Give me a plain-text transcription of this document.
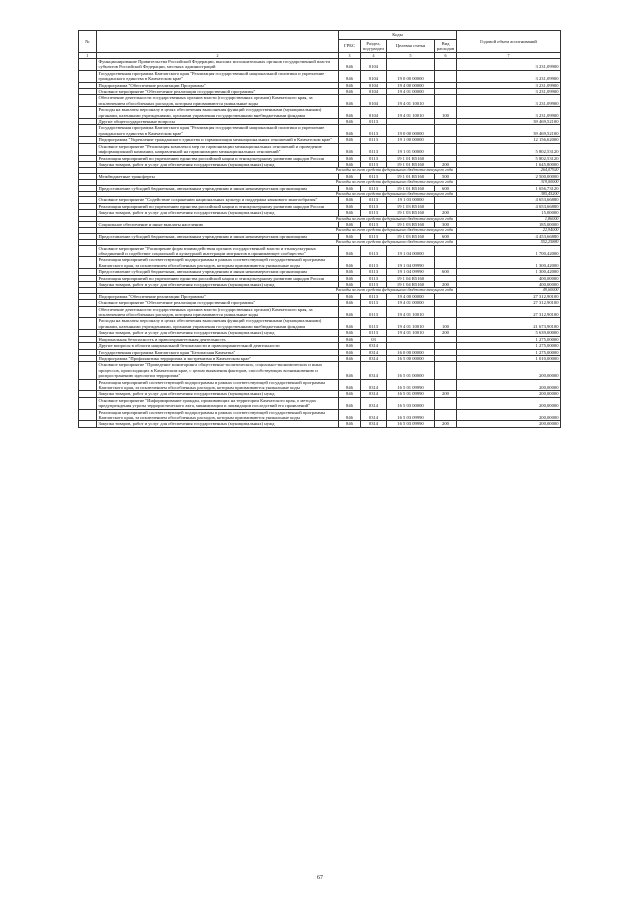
№		Коды				Годовой объем ассигнований
		ГРБС	Раздел, под-раздел	Целевая статья	Вид расходов	
1	2	3	4	5	6	7
	Функционирование Правительства Российской Федерации, высших исполнительных органов государственной власти субъектов Российской Федерации, местных администраций	846	0104			3 231,09900
	Государственная программа Камчатского края "Реализация государственной национальной политики и укрепление гражданского единства в Камчатском крае"	846	0104	19 0 00 00000		3 231,09900
	Подпрограмма "Обеспечение реализации Программы"	846	0104	19 4 00 00000		3 231,09900
	Основное мероприятие "Обеспечение реализации государственной программы"	846	0104	19 4 01 00000		3 231,09900
	Обеспечение деятельности государственных органов власти (государственных органов) Камчатского края, за исключением обособленных расходов, которым присваиваются уникальные коды	846	0104	19 4 01 10010		3 231,09900
	Расходы на выплаты персоналу в целях обеспечения выполнения функций государственными (муниципальными) органами, казенными учреждениями, органами управления государственными внебюджетными фондами	846	0104	19 4 01 10010	100	3 231,09900
	Другие общегосударственные вопросы	846	0113			39 469,52100
	Государственная программа Камчатского края "Реализация государственной национальной политики и укрепление гражданского единства в Камчатском крае"	846	0113	19 0 00 00000		39 469,52100
	Подпрограмма "Укрепление гражданского единства и гармонизация межнациональных отношений в Камчатском крае"	846	0113	19 1 00 00000		12 156,62000
	Основное мероприятие "Реализация комплекса мер по гармонизации межнациональных отношений и проведение информационной кампании, направленной на гармонизацию межнациональных отношений"	846	0113	19 1 01 00000		5 802,53120
	Реализация мероприятий по укреплению единства российской нации и этнокультурному развитию народов России	846	0113	19 1 01 R5160		5 802,53120
	Закупка товаров, работ и услуг для обеспечения государственных (муниципальных) нужд	846	0113	19 1 01 R5160	200	1 645,80000
	Расходы за счет средств федерального бюджета текущего года					264,07920
	Межбюджетные трансферты	846	0113	19 1 01 R5160	500	2 500,00000
	Расходы за счет средств федерального бюджета текущего года					319,00000
	Предоставление субсидий бюджетным, автономным учреждениям и иным некоммерческим организациям	846	0113	19 1 01 R5160	600	1 656,73120
	Расходы за счет средств федерального бюджета текущего года					385,45200
	Основное мероприятие "Содействие сохранению национальных культур и поддержка языкового многообразия"	846	0113	19 1 03 00000		4 653,66880
	Реализация мероприятий по укреплению единства российской нации и этнокультурному развитию народов России	846	0113	19 1 03 R5160		4 653,66880
	Закупка товаров, работ и услуг для обеспечения государственных (муниципальных) нужд	846	0113	19 1 03 R5160	200	15,00000
	Расходы за счет средств федерального бюджета текущего года					1,86000
	Социальное обеспечение и иные выплаты населению	846	0113	19 1 03 R5160	300	185,00000
	Расходы за счет средств федерального бюджета текущего года					22,94000
	Предоставление субсидий бюджетным, автономным учреждениям и иным некоммерческим организациям	846	0113	19 1 03 R5160	600	4 453,66880
	Расходы за счет средств федерального бюджета текущего года					552,25880
	Основное мероприятие "Расширение форм взаимодействия органов государственной власти и этнокультурных объединений и содействие социальной и культурной интеграции мигрантов в принимающее сообщество"	846	0113	19 1 04 00000		1 700,42000
	Реализация мероприятий соответствующей подпрограммы в рамках соответствующей государственной программы Камчатского края, за исключением обособленных расходов, которым присваиваются уникальные коды	846	0113	19 1 04 09990		1 300,42000
	Предоставление субсидий бюджетным, автономным учреждениям и иным некоммерческим организациям	846	0113	19 1 04 09990	600	1 300,42000
	Реализация мероприятий по укреплению единства российской нации и этнокультурному развитию народов России	846	0113	19 1 04 R5160		400,00000
	Закупка товаров, работ и услуг для обеспечения государственных (муниципальных) нужд	846	0113	19 1 04 R5160	200	400,00000
	Расходы за счет средств федерального бюджета текущего года					49,60000
	Подпрограмма "Обеспечение реализации Программы"	846	0113	19 4 00 00000		27 312,90100
	Основное мероприятие "Обеспечение реализации государственной программы"	846	0113	19 4 01 00000		27 312,90100
	Обеспечение деятельности государственных органов власти (государственных органов) Камчатского края, за исключением обособленных расходов, которым присваиваются уникальные коды	846	0113	19 4 01 10010		27 312,90100
	Расходы на выплаты персоналу в целях обеспечения выполнения функций государственными (муниципальными) органами, казенными учреждениями, органами управления государственными внебюджетными фондами	846	0113	19 4 01 10010	100	21 673,90100
	Закупка товаров, работ и услуг для обеспечения государственных (муниципальных) нужд	846	0113	19 4 01 10010	200	5 639,00000
	Национальная безопасность и правоохранительная деятельность	846	03			1 275,00000
	Другие вопросы в области национальной безопасности и правоохранительной деятельности	846	0314			1 275,00000
	Государственная программа Камчатского края "Безопасная Камчатка"	846	0314	16 0 00 00000		1 275,00000
	Подпрограмма "Профилактика терроризма и экстремизма в Камчатском крае"	846	0314	16 5 00 00000		1 010,00000
	Основное мероприятие "Проведение мониторинга общественно-политических, социально-экономических и иных процессов, происходящих в Камчатском крае, с целью выявления факторов, способствующих возникновению и распространению идеологии терроризма"	846	0314	16 5 01 00000		200,00000
	Реализация мероприятий соответствующей подпрограммы в рамках соответствующей государственной программы Камчатского края, за исключением обособленных расходов, которым присваиваются уникальные коды	846	0314	16 5 01 09990		200,00000
	Закупка товаров, работ и услуг для обеспечения государственных (муниципальных) нужд	846	0314	16 5 01 09990	200	200,00000
	Основное мероприятие "Информирование граждан, проживающих на территории Камчатского края, о методах предупреждения угрозы террористического акта, минимизации и ликвидации последствий его проявлений"	846	0314	16 5 03 00000		200,00000
	Реализация мероприятий соответствующей подпрограммы в рамках соответствующей государственной программы Камчатского края, за исключением обособленных расходов, которым присваиваются уникальные коды	846	0314	16 5 03 09990		200,00000
	Закупка товаров, работ и услуг для обеспечения государственных (муниципальных) нужд	846	0314	16 5 03 09990	200	200,00000
67
